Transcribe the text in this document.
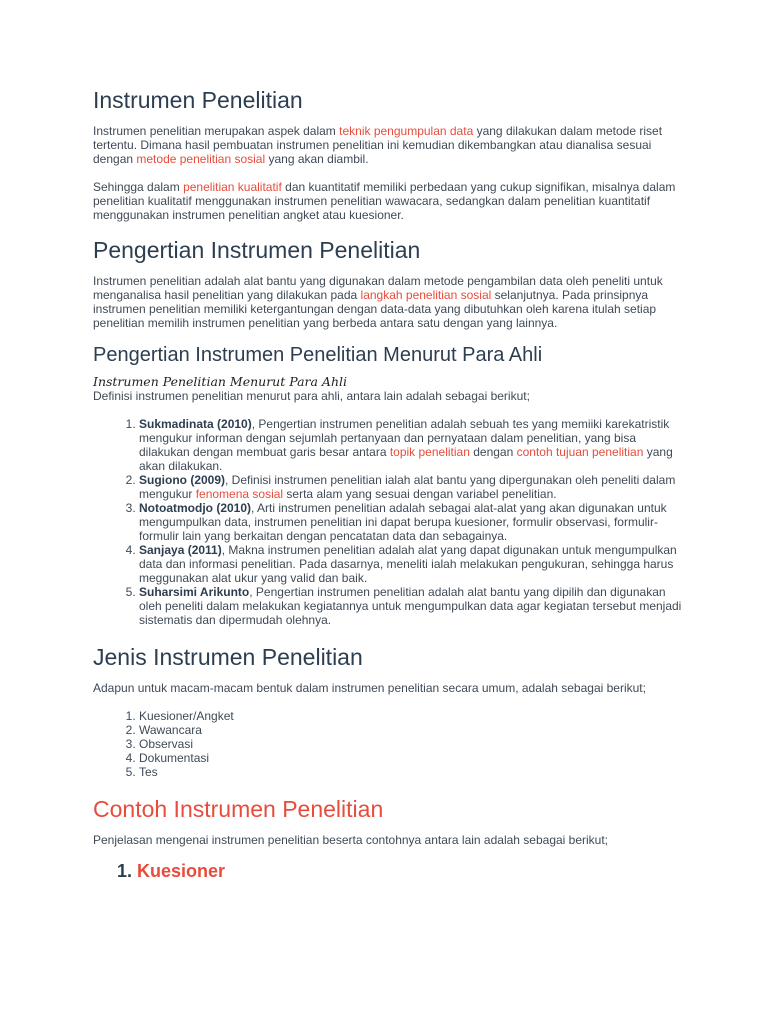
Instrumen Penelitian

Instrumen penelitian merupakan aspek dalam teknik pengumpulan data yang dilakukan dalam metode riset tertentu. Dimana hasil pembuatan instrumen penelitian ini kemudian dikembangkan atau dianalisa sesuai dengan metode penelitian sosial yang akan diambil.

Sehingga dalam penelitian kualitatif dan kuantitatif memiliki perbedaan yang cukup signifikan, misalnya dalam penelitian kualitatif menggunakan instrumen penelitian wawacara, sedangkan dalam penelitian kuantitatif menggunakan instrumen penelitian angket atau kuesioner.

Pengertian Instrumen Penelitian

Instrumen penelitian adalah alat bantu yang digunakan dalam metode pengambilan data oleh peneliti untuk menganalisa hasil penelitian yang dilakukan pada langkah penelitian sosial selanjutnya. Pada prinsipnya instrumen penelitian memiliki ketergantungan dengan data-data yang dibutuhkan oleh karena itulah setiap penelitian memilih instrumen penelitian yang berbeda antara satu dengan yang lainnya.

Pengertian Instrumen Penelitian Menurut Para Ahli

Instrumen Penelitian Menurut Para Ahli

Definisi instrumen penelitian menurut para ahli, antara lain adalah sebagai berikut;

1. Sukmadinata (2010), Pengertian instrumen penelitian adalah sebuah tes yang memiiki karekatristik mengukur informan dengan sejumlah pertanyaan dan pernyataan dalam penelitian, yang bisa dilakukan dengan membuat garis besar antara topik penelitian dengan contoh tujuan penelitian yang akan dilakukan.
2. Sugiono (2009), Definisi instrumen penelitian ialah alat bantu yang dipergunakan oleh peneliti dalam mengukur fenomena sosial serta alam yang sesuai dengan variabel penelitian.
3. Notoatmodjo (2010), Arti instrumen penelitian adalah sebagai alat-alat yang akan digunakan untuk mengumpulkan data, instrumen penelitian ini dapat berupa kuesioner, formulir observasi, formulir-formulir lain yang berkaitan dengan pencatatan data dan sebagainya.
4. Sanjaya (2011), Makna instrumen penelitian adalah alat yang dapat digunakan untuk mengumpulkan data dan informasi penelitian. Pada dasarnya, meneliti ialah melakukan pengukuran, sehingga harus meggunakan alat ukur yang valid dan baik.
5. Suharsimi Arikunto, Pengertian instrumen penelitian adalah alat bantu yang dipilih dan digunakan oleh peneliti dalam melakukan kegiatannya untuk mengumpulkan data agar kegiatan tersebut menjadi sistematis dan dipermudah olehnya.
Jenis Instrumen Penelitian

Adapun untuk macam-macam bentuk dalam instrumen penelitian secara umum, adalah sebagai berikut;

1. Kuesioner/Angket
2. Wawancara
3. Observasi
4. Dokumentasi
5. Tes
Contoh Instrumen Penelitian

Penjelasan mengenai instrumen penelitian beserta contohnya antara lain adalah sebagai berikut;

1. Kuesioner
